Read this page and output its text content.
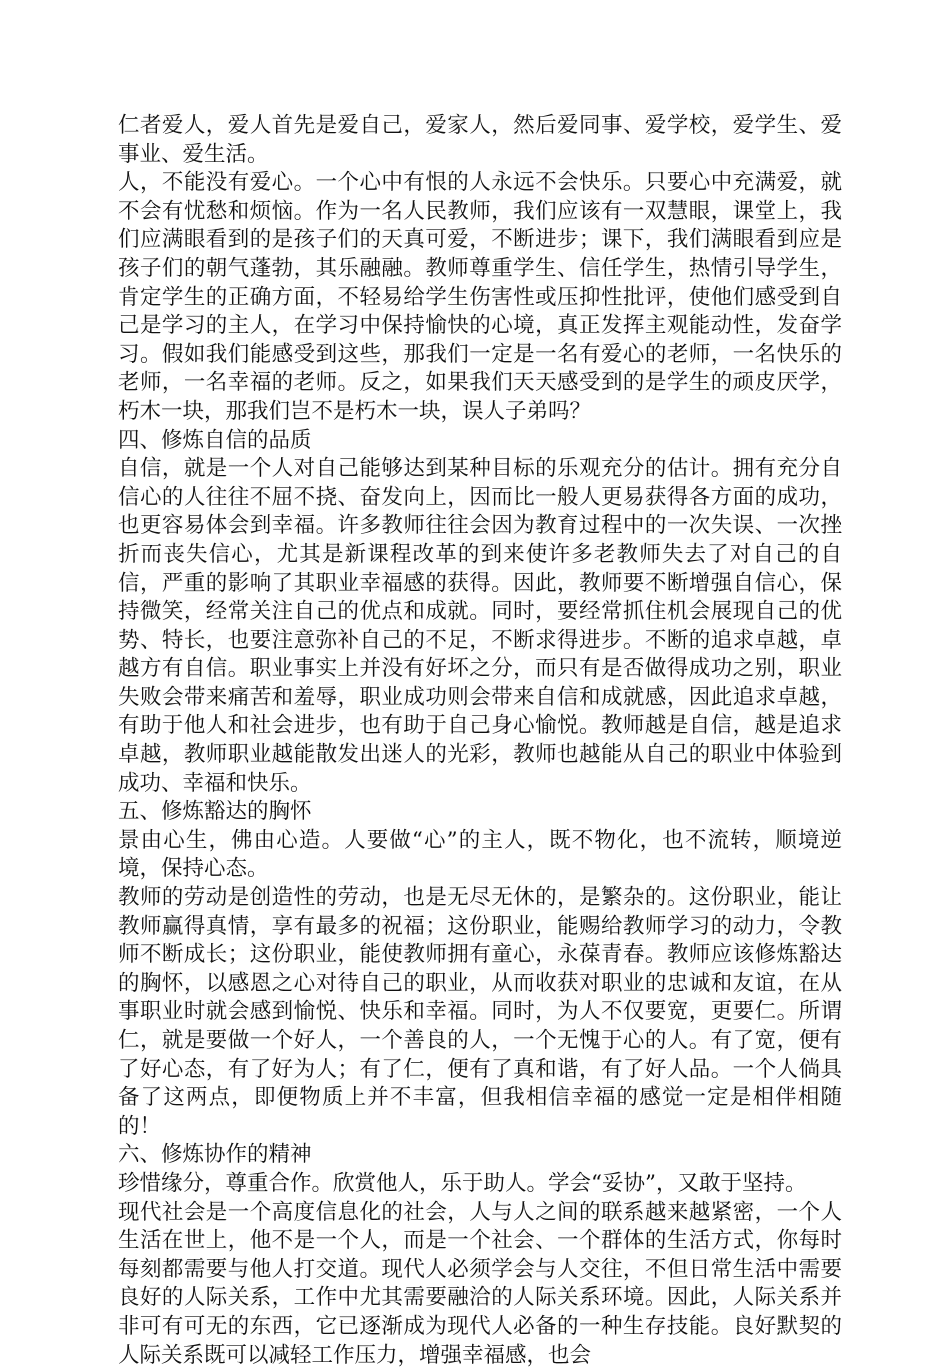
仁者爱人，爱人首先是爱自己，爱家人，然后爱同事、爱学校，爱学生、爱事业、爱生活。

人，不能没有爱心。一个心中有恨的人永远不会快乐。只要心中充满爱，就不会有忧愁和烦恼。作为一名人民教师，我们应该有一双慧眼，课堂上，我们应满眼看到的是孩子们的天真可爱，不断进步；课下，我们满眼看到应是孩子们的朝气蓬勃，其乐融融。教师尊重学生、信任学生，热情引导学生，肯定学生的正确方面，不轻易给学生伤害性或压抑性批评，使他们感受到自己是学习的主人，在学习中保持愉快的心境，真正发挥主观能动性，发奋学习。假如我们能感受到这些，那我们一定是一名有爱心的老师，一名快乐的老师，一名幸福的老师。反之，如果我们天天感受到的是学生的顽皮厌学，朽木一块，那我们岂不是朽木一块，误人子弟吗？

四、修炼自信的品质

自信，就是一个人对自己能够达到某种目标的乐观充分的估计。拥有充分自信心的人往往不屈不挠、奋发向上，因而比一般人更易获得各方面的成功，也更容易体会到幸福。许多教师往往会因为教育过程中的一次失误、一次挫折而丧失信心，尤其是新课程改革的到来使许多老教师失去了对自己的自信，严重的影响了其职业幸福感的获得。因此，教师要不断增强自信心，保持微笑，经常关注自己的优点和成就。同时，要经常抓住机会展现自己的优势、特长，也要注意弥补自己的不足，不断求得进步。不断的追求卓越，卓越方有自信。职业事实上并没有好坏之分，而只有是否做得成功之别，职业失败会带来痛苦和羞辱，职业成功则会带来自信和成就感，因此追求卓越，有助于他人和社会进步，也有助于自己身心愉悦。教师越是自信，越是追求卓越，教师职业越能散发出迷人的光彩，教师也越能从自己的职业中体验到成功、幸福和快乐。

五、修炼豁达的胸怀

景由心生，佛由心造。人要做“心”的主人，既不物化，也不流转，顺境逆境，保持心态。

教师的劳动是创造性的劳动，也是无尽无休的，是繁杂的。这份职业，能让教师赢得真情，享有最多的祝福；这份职业，能赐给教师学习的动力，令教师不断成长；这份职业，能使教师拥有童心，永葆青春。教师应该修炼豁达的胸怀，以感恩之心对待自己的职业，从而收获对职业的忠诚和友谊，在从事职业时就会感到愉悦、快乐和幸福。同时，为人不仅要宽，更要仁。所谓仁，就是要做一个好人，一个善良的人，一个无愧于心的人。有了宽，便有了好心态，有了好为人；有了仁，便有了真和谐，有了好人品。一个人倘具备了这两点，即便物质上并不丰富，但我相信幸福的感觉一定是相伴相随的！

六、修炼协作的精神

珍惜缘分，尊重合作。欣赏他人，乐于助人。学会“妥协”，又敢于坚持。

现代社会是一个高度信息化的社会，人与人之间的联系越来越紧密，一个人生活在世上，他不是一个人，而是一个社会、一个群体的生活方式，你每时每刻都需要与他人打交道。现代人必须学会与人交往，不但日常生活中需要良好的人际关系，工作中尤其需要融洽的人际关系环境。因此，人际关系并非可有可无的东西，它已逐渐成为现代人必备的一种生存技能。良好默契的人际关系既可以减轻工作压力，增强幸福感，也会
